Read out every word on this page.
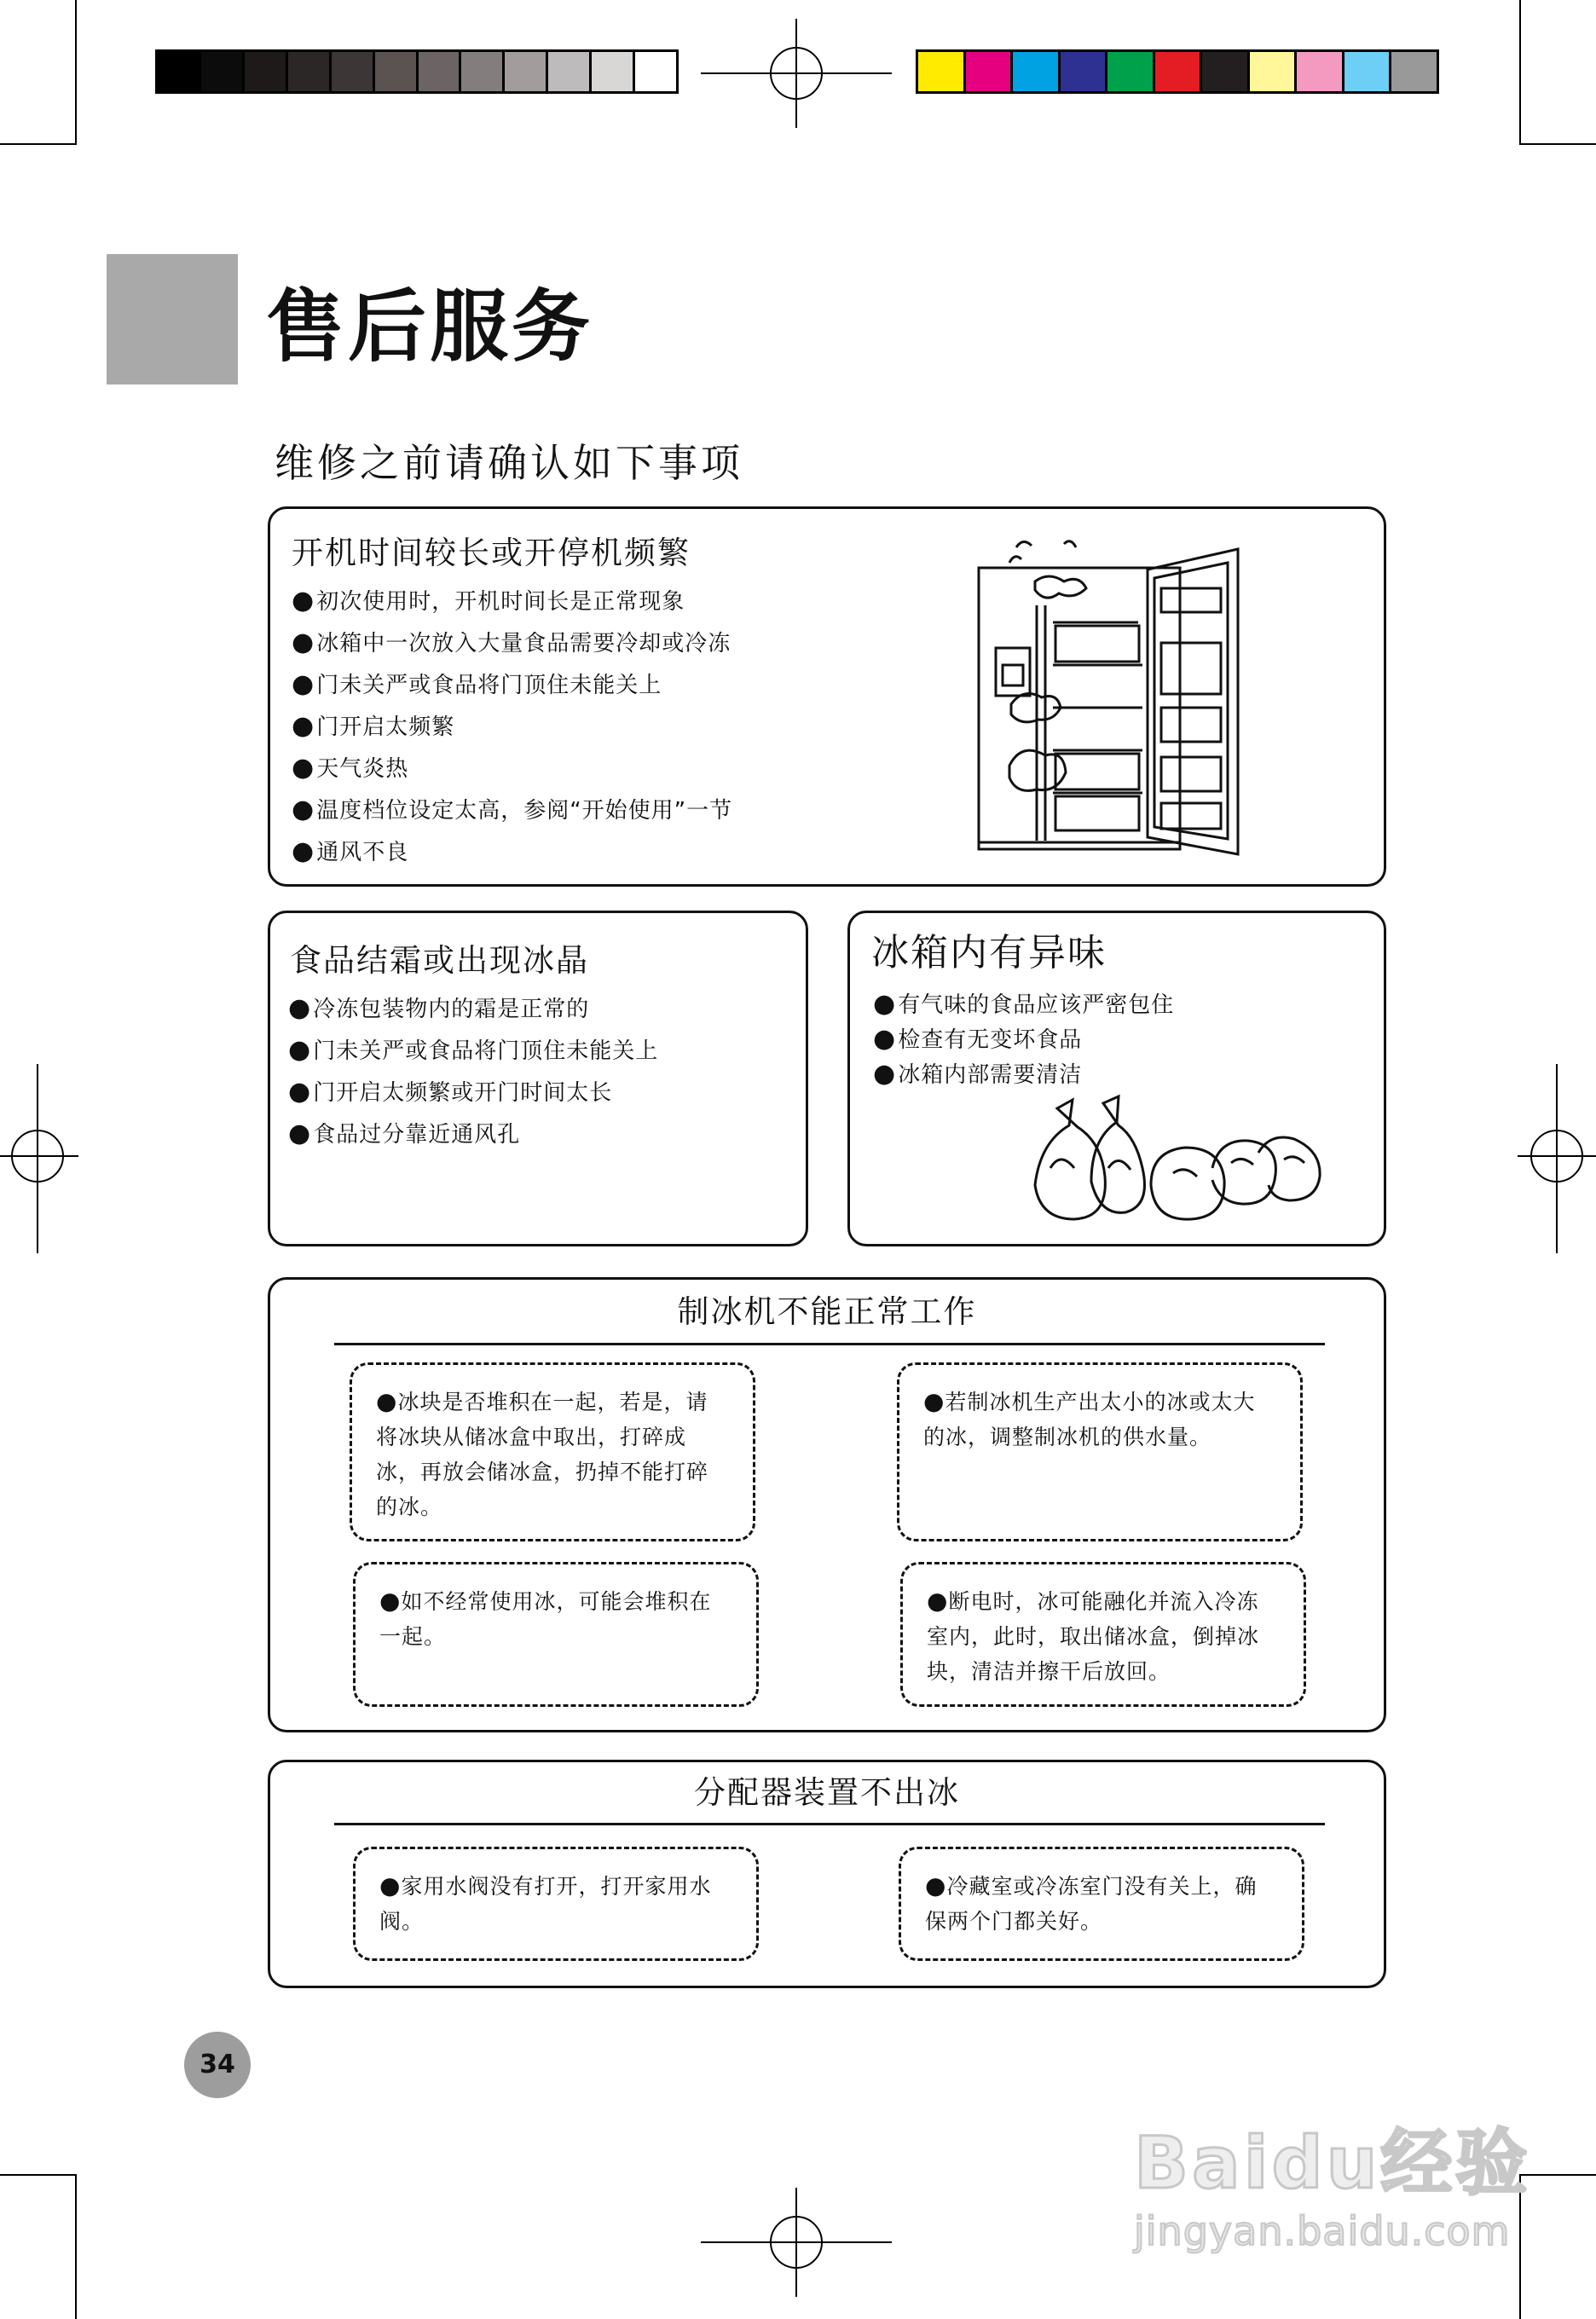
售后服务
维修之前请确认如下事项
开机时间较长或开停机频繁
●初次使用时，开机时间长是正常现象
●冰箱中一次放入大量食品需要冷却或冷冻
●门未关严或食品将门顶住未能关上
●门开启太频繁
●天气炎热
●温度档位设定太高，参阅“开始使用”一节
●通风不良
食品结霜或出现冰晶
●冷冻包装物内的霜是正常的
●门未关严或食品将门顶住未能关上
●门开启太频繁或开门时间太长
●食品过分靠近通风孔
冰箱内有异味
●有气味的食品应该严密包住
●检查有无变坏食品
●冰箱内部需要清洁
制冰机不能正常工作
●冰块是否堆积在一起，若是，请将冰块从储冰盒中取出，打碎成冰，再放会储冰盒，扔掉不能打碎的冰。
●若制冰机生产出太小的冰或太大的冰，调整制冰机的供水量。
●如不经常使用冰，可能会堆积在一起。
●断电时，冰可能融化并流入冷冻室内，此时，取出储冰盒，倒掉冰块，清洁并擦干后放回。
分配器装置不出冰
●家用水阀没有打开，打开家用水阀。
●冷藏室或冷冻室门没有关上，确保两个门都关好。
34
Baidu经验
jingyan.baidu.com
